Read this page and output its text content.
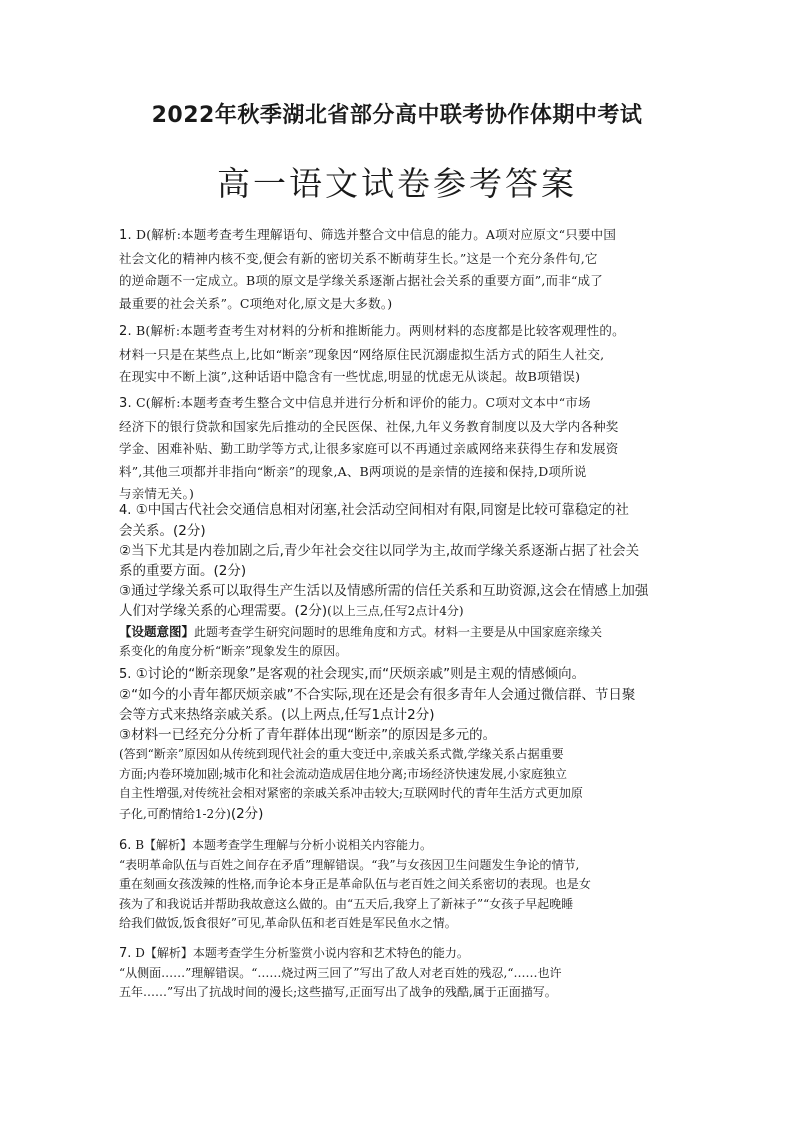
2022年秋季湖北省部分高中联考协作体期中考试
高一语文试卷参考答案

1. D(解析:本题考查考生理解语句、筛选并整合文中信息的能力。A项对应原文“只要中国

社会文化的精神内核不变,便会有新的密切关系不断萌芽生长。”这是一个充分条件句,它

的逆命题不一定成立。B项的原文是学缘关系逐渐占据社会关系的重要方面”,而非“成了

最重要的社会关系”。C项绝对化,原文是大多数。)

2. B(解析:本题考查考生对材料的分析和推断能力。两则材料的态度都是比较客观理性的。

材料一只是在某些点上,比如“断亲”现象因“网络原住民沉溺虚拟生活方式的陌生人社交,

在现实中不断上演”,这种话语中隐含有一些忧虑,明显的忧虑无从谈起。故B项错误)

3. C(解析:本题考查考生整合文中信息并进行分析和评价的能力。C项对文本中“市场

经济下的银行贷款和国家先后推动的全民医保、社保,九年义务教育制度以及大学内各种奖

学金、困难补贴、勤工助学等方式,让很多家庭可以不再通过亲戚网络来获得生存和发展资

料”,其他三项都并非指向“断亲”的现象,A、B两项说的是亲情的连接和保持,D项所说

与亲情无关。)

4. ①中国古代社会交通信息相对闭塞,社会活动空间相对有限,同窗是比较可靠稳定的社

会关系。(2分)

②当下尤其是内卷加剧之后,青少年社会交往以同学为主,故而学缘关系逐渐占据了社会关

系的重要方面。(2分)

③通过学缘关系可以取得生产生活以及情感所需的信任关系和互助资源,这会在情感上加强

人们对学缘关系的心理需要。(2分)(以上三点,任写2点计4分)

【设题意图】此题考查学生研究问题时的思维角度和方式。材料一主要是从中国家庭亲缘关

系变化的角度分析“断亲”现象发生的原因。

5. ①讨论的“断亲现象”是客观的社会现实,而“厌烦亲戚”则是主观的情感倾向。

②“如今的小青年都厌烦亲戚”不合实际,现在还是会有很多青年人会通过微信群、节日聚

会等方式来热络亲戚关系。(以上两点,任写1点计2分)

③材料一已经充分分析了青年群体出现“断亲”的原因是多元的。

(答到“断亲”原因如从传统到现代社会的重大变迁中,亲戚关系式微,学缘关系占据重要

方面;内卷环境加剧;城市化和社会流动造成居住地分离;市场经济快速发展,小家庭独立

自主性增强,对传统社会相对紧密的亲戚关系冲击较大;互联网时代的青年生活方式更加原

子化,可酌情给1-2分)(2分)

6. B【解析】本题考查学生理解与分析小说相关内容能力。

“表明革命队伍与百姓之间存在矛盾”理解错误。“我”与女孩因卫生问题发生争论的情节,

重在刻画女孩泼辣的性格,而争论本身正是革命队伍与老百姓之间关系密切的表现。也是女

孩为了和我说话并帮助我故意这么做的。由“五天后,我穿上了新袜子”“女孩子早起晚睡

给我们做饭,饭食很好”可见,革命队伍和老百姓是军民鱼水之情。

7. D【解析】本题考查学生分析鉴赏小说内容和艺术特色的能力。

“从侧面……”理解错误。“……烧过两三回了”写出了敌人对老百姓的残忍,“……也许

五年……”写出了抗战时间的漫长;这些描写,正面写出了战争的残酷,属于正面描写。
